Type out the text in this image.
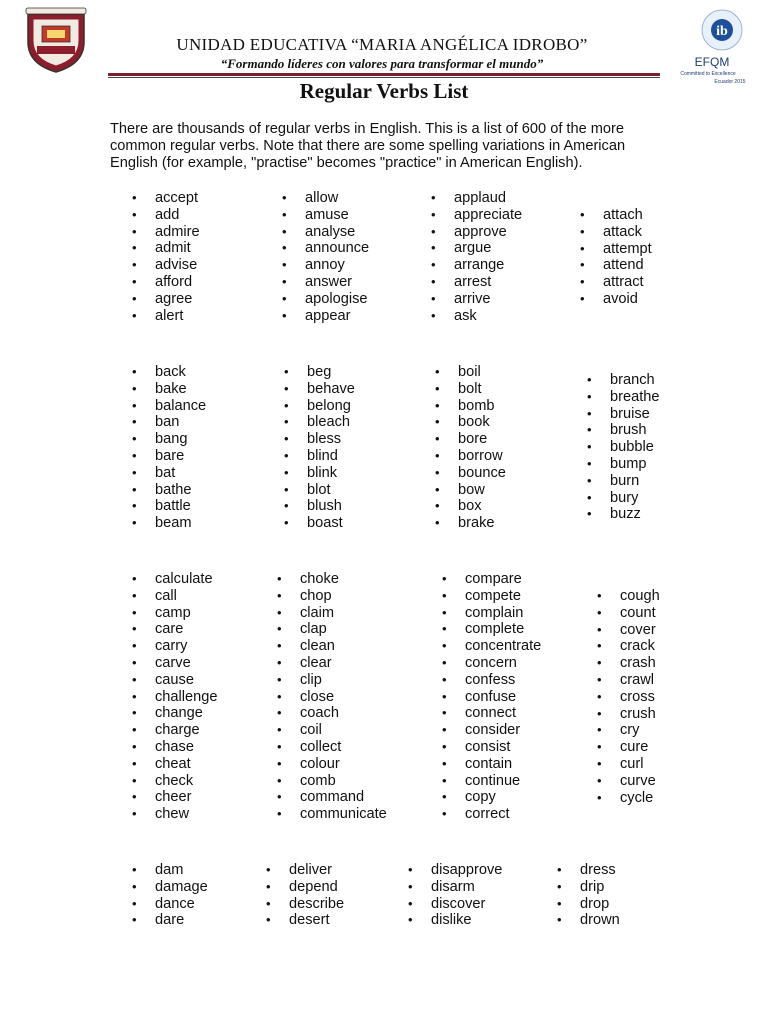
ib
EFQM
Committed to Excellence
Ecuador 2015
UNIDAD EDUCATIVA “MARIA ANGÉLICA IDROBO”
“Formando líderes con valores para transformar el mundo”
Regular Verbs List
There are thousands of regular verbs in English. This is a list of 600 of the more common regular verbs. Note that there are some spelling variations in American English (for example, "practise" becomes "practice" in American English).
• accept
• add
• admire
• admit
• advise
• afford
• agree
• alert
• allow
• amuse
• analyse
• announce
• annoy
• answer
• apologise
• appear
• applaud
• appreciate
• approve
• argue
• arrange
• arrest
• arrive
• ask
• attach
• attack
• attempt
• attend
• attract
• avoid
• back
• bake
• balance
• ban
• bang
• bare
• bat
• bathe
• battle
• beam
• beg
• behave
• belong
• bleach
• bless
• blind
• blink
• blot
• blush
• boast
• boil
• bolt
• bomb
• book
• bore
• borrow
• bounce
• bow
• box
• brake
• branch
• breathe
• bruise
• brush
• bubble
• bump
• burn
• bury
• buzz
• calculate
• call
• camp
• care
• carry
• carve
• cause
• challenge
• change
• charge
• chase
• cheat
• check
• cheer
• chew
• choke
• chop
• claim
• clap
• clean
• clear
• clip
• close
• coach
• coil
• collect
• colour
• comb
• command
• communicate
• compare
• compete
• complain
• complete
• concentrate
• concern
• confess
• confuse
• connect
• consider
• consist
• contain
• continue
• copy
• correct
• cough
• count
• cover
• crack
• crash
• crawl
• cross
• crush
• cry
• cure
• curl
• curve
• cycle
• dam
• damage
• dance
• dare
• deliver
• depend
• describe
• desert
• disapprove
• disarm
• discover
• dislike
• dress
• drip
• drop
• drown
